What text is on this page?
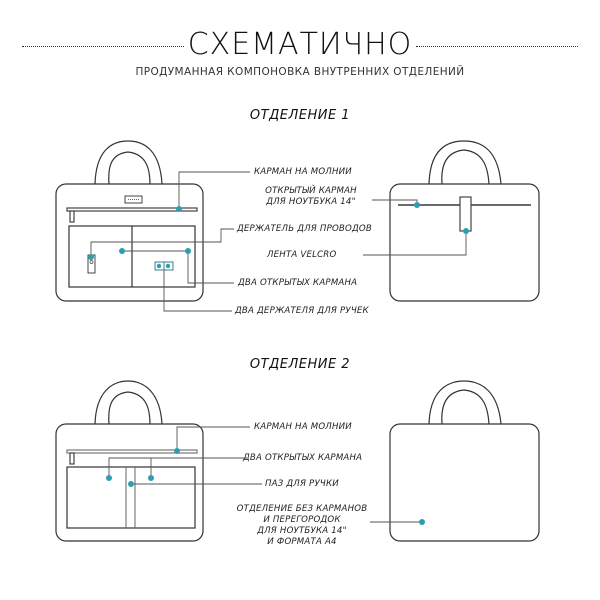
СХЕМАТИЧНО
ПРОДУМАННАЯ КОМПОНОВКА ВНУТРЕННИХ ОТДЕЛЕНИЙ
ОТДЕЛЕНИЕ 1
ОТДЕЛЕНИЕ 2
КАРМАН НА МОЛНИИ
ОТКРЫТЫЙ КАРМАН
ДЛЯ НОУТБУКА 14"
ДЕРЖАТЕЛЬ ДЛЯ ПРОВОДОВ
ЛЕНТА VELCRO
ДВА ОТКРЫТЫХ КАРМАНА
ДВА ДЕРЖАТЕЛЯ ДЛЯ РУЧЕК
КАРМАН НА МОЛНИИ
ДВА ОТКРЫТЫХ КАРМАНА
ПАЗ ДЛЯ РУЧКИ
ОТДЕЛЕНИЕ БЕЗ КАРМАНОВ
И ПЕРЕГОРОДОК
ДЛЯ НОУТБУКА 14"
И ФОРМАТА А4
